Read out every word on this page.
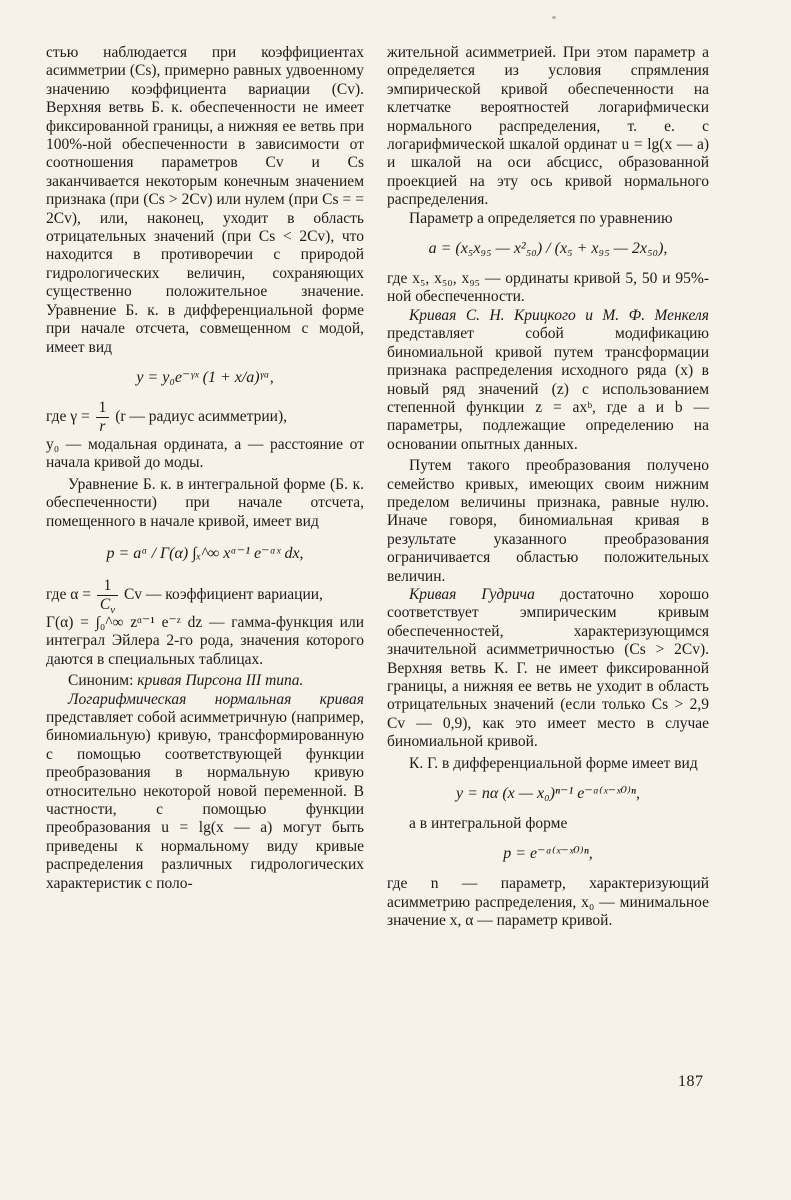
стью наблюдается при коэффициентах асимметрии (Cs), примерно равных удвоенному значению коэффициента вариации (Cv). Верхняя ветвь Б. к. обеспеченности не имеет фиксированной границы, а нижняя ее ветвь при 100%-ной обеспеченности в зависимости от соотношения параметров Cv и Cs заканчивается некоторым конечным значением признака (при (Cs > 2Cv) или нулем (при Cs = = 2Cv), или, наконец, уходит в область отрицательных значений (при Cs < 2Cv), что находится в противоречии с природой гидрологических величин, сохраняющих существенно положительное значение. Уравнение Б. к. в дифференциальной форме при начале отсчета, совмещенном с модой, имеет вид

y = y₀e⁻ᵞˣ (1 + x/a)ᵞᵃ,

где $\gamma = \frac{1}{r} (r$ — радиус асимметрии),

y₀ — модальная ордината, a — расстояние от начала кривой до моды.

Уравнение Б. к. в интегральной форме (Б. к. обеспеченности) при начале отсчета, помещенного в начале кривой, имеет вид

p = aᵅ / Γ(α) ∫ₓ^∞ xᵅ⁻¹ e⁻ᵅˣ dx,

где $\alpha = \frac{1}{C_v}$ Cv — коэффициент вариации,

Γ(α) = ∫₀^∞ zᵅ⁻¹ e⁻ᶻ dz — гамма-функция или интеграл Эйлера 2-го рода, значения которого даются в специальных таблицах.

Синоним: кривая Пирсона III типа.

Логарифмическая нормальная кривая представляет собой асимметричную (например, биномиальную) кривую, трансформированную с помощью соответствующей функции преобразования в нормальную кривую относительно некоторой новой переменной. В частности, с помощью функции преобразования u = lg(x — a) могут быть приведены к нормальному виду кривые распределения различных гидрологических характеристик с поло-

жительной асимметрией. При этом параметр a определяется из условия спрямления эмпирической кривой обеспеченности на клетчатке вероятностей логарифмически нормального распределения, т. е. с логарифмической шкалой ординат u = lg(x — a) и шкалой на оси абсцисс, образованной проекцией на эту ось кривой нормального распределения.

Параметр a определяется по уравнению

a = (x₅x₉₅ — x²₅₀) / (x₅ + x₉₅ — 2x₅₀),

где x₅, x₅₀, x₉₅ — ординаты кривой 5, 50 и 95%-ной обеспеченности.

Кривая С. Н. Крицкого и М. Ф. Менкеля представляет собой модификацию биномиальной кривой путем трансформации признака распределения исходного ряда (x) в новый ряд значений (z) с использованием степенной функции z = axᵇ, где a и b — параметры, подлежащие определению на основании опытных данных.

Путем такого преобразования получено семейство кривых, имеющих своим нижним пределом величины признака, равные нулю. Иначе говоря, биномиальная кривая в результате указанного преобразования ограничивается областью положительных величин.

Кривая Гудрича достаточно хорошо соответствует эмпирическим кривым обеспеченностей, характеризующимся значительной асимметричностью (Cs > 2Cv). Верхняя ветвь К. Г. не имеет фиксированной границы, а нижняя ее ветвь не уходит в область отрицательных значений (если только Cs > 2,9 Cv — 0,9), как это имеет место в случае биномиальной кривой.

К. Г. в дифференциальной форме имеет вид

y = nα (x — x₀)ⁿ⁻¹ e⁻ᵅ⁽ˣ⁻ˣ⁰⁾ⁿ,

а в интегральной форме

p = e⁻ᵅ⁽ˣ⁻ˣ⁰⁾ⁿ,

где n — параметр, характеризующий асимметрию распределения, x₀ — минимальное значение x, α — параметр кривой.

187
